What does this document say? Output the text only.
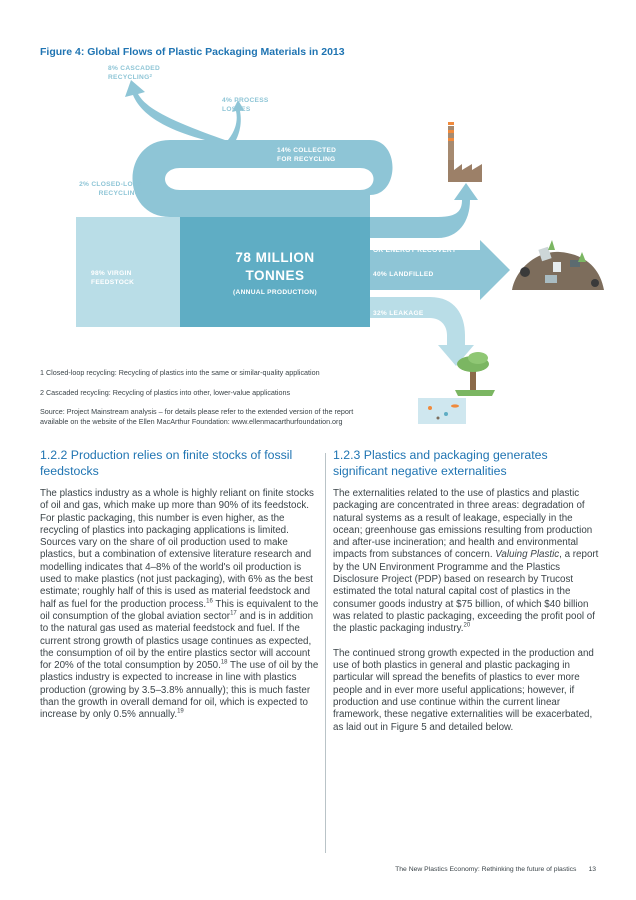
Figure 4: Global Flows of Plastic Packaging Materials in 2013
8% CASCADED
RECYCLING$^2$
4% PROCESS
LOSSES
14% COLLECTED
FOR RECYCLING
2% CLOSED-LOOP
RECYCLING$^1$
98% VIRGIN
FEEDSTOCK
78 MILLION
TONNES
(ANNUAL PRODUCTION)
14% INCINERATION AND/
OR ENERGY RECOVERY
40% LANDFILLED
32% LEAKAGE
1 Closed-loop recycling: Recycling of plastics into the same or similar-quality application
2 Cascaded recycling: Recycling of plastics into other, lower-value applications
Source: Project Mainstream analysis – for details please refer to the extended version of the report
available on the website of the Ellen MacArthur Foundation: www.ellenmacarthurfoundation.org
1.2.2 Production relies on finite stocks of fossil feedstocks

The plastics industry as a whole is highly reliant on finite stocks of oil and gas, which make up more than 90% of its feedstock. For plastic packaging, this number is even higher, as the recycling of plastics into packaging applications is limited. Sources vary on the share of oil production used to make plastics, but a combination of extensive literature research and modelling indicates that 4–8% of the world's oil production is used to make plastics (not just packaging), with 6% as the best estimate; roughly half of this is used as material feedstock and half as fuel for the production process.$^{16}$ This is equivalent to the oil consumption of the global aviation sector$^{17}$ and is in addition to the natural gas used as material feedstock and fuel. If the current strong growth of plastics usage continues as expected, the consumption of oil by the entire plastics sector will account for 20% of the total consumption by 2050.18 The use of oil by the plastics industry is expected to increase in line with plastics production (growing by 3.5–3.8% annually); this is much faster than the growth in overall demand for oil, which is expected to increase by only 0.5% annually.$^{19}$

1.2.3 Plastics and packaging generates significant negative externalities

The externalities related to the use of plastics and plastic packaging are concentrated in three areas: degradation of natural systems as a result of leakage, especially in the ocean; greenhouse gas emissions resulting from production and after-use incineration; and health and environmental impacts from substances of concern. Valuing Plastic, a report by the UN Environment Programme and the Plastics Disclosure Project (PDP) based on research by Trucost estimated the total natural capital cost of plastics in the consumer goods industry at $75 billion, of which $40 billion was related to plastic packaging, exceeding the profit pool of the plastic packaging industry.$^{20}$

The continued strong growth expected in the production and use of both plastics in general and plastic packaging in particular will spread the benefits of plastics to ever more people and in ever more useful applications; however, if production and use continue within the current linear framework, these negative externalities will be exacerbated, as laid out in Figure 5 and detailed below.

The New Plastics Economy: Rethinking the future of plastics 13
